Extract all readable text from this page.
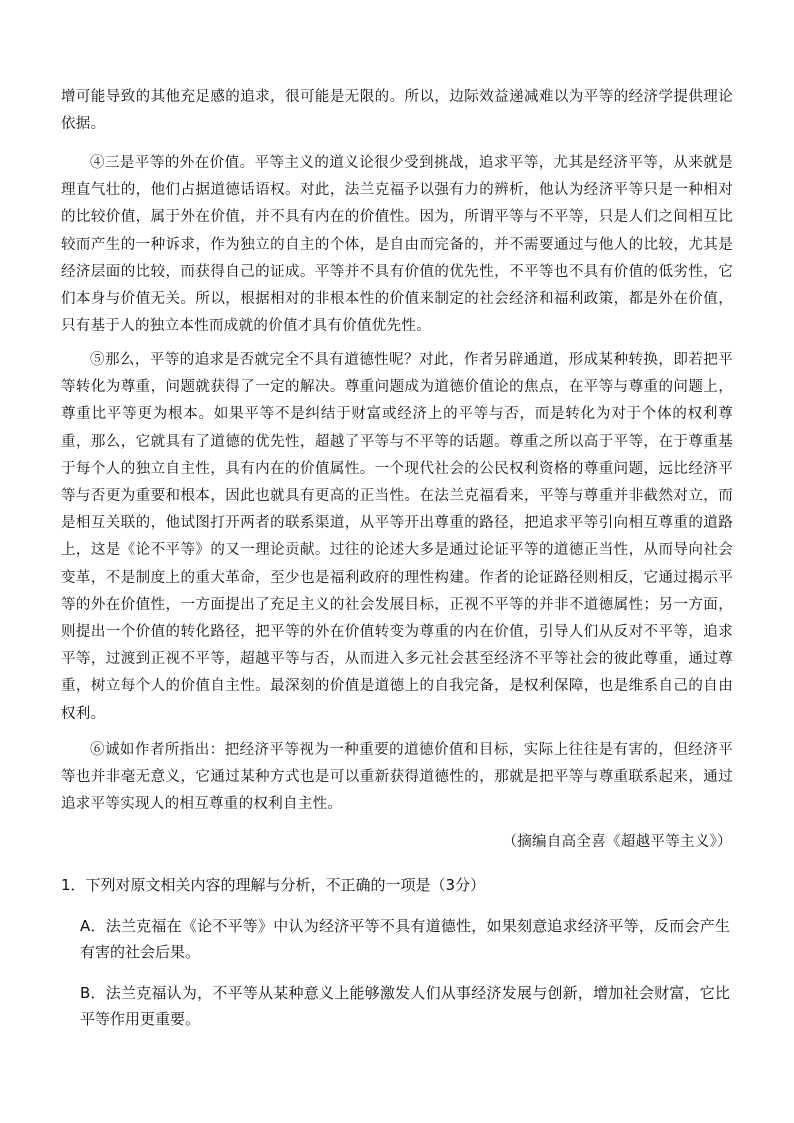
增可能导致的其他充足感的追求，很可能是无限的。所以，边际效益递减难以为平等的经济学提供理论依据。

④三是平等的外在价值。平等主义的道义论很少受到挑战，追求平等，尤其是经济平等，从来就是理直气壮的，他们占据道德话语权。对此，法兰克福予以强有力的辨析，他认为经济平等只是一种相对的比较价值，属于外在价值，并不具有内在的价值性。因为，所谓平等与不平等，只是人们之间相互比较而产生的一种诉求，作为独立的自主的个体，是自由而完备的，并不需要通过与他人的比较，尤其是经济层面的比较，而获得自己的证成。平等并不具有价值的优先性，不平等也不具有价值的低劣性，它们本身与价值无关。所以，根据相对的非根本性的价值来制定的社会经济和福利政策，都是外在价值，只有基于人的独立本性而成就的价值才具有价值优先性。

⑤那么，平等的追求是否就完全不具有道德性呢？对此，作者另辟通道，形成某种转换，即若把平等转化为尊重，问题就获得了一定的解决。尊重问题成为道德价值论的焦点，在平等与尊重的问题上，尊重比平等更为根本。如果平等不是纠结于财富或经济上的平等与否，而是转化为对于个体的权利尊重，那么，它就具有了道德的优先性，超越了平等与不平等的话题。尊重之所以高于平等，在于尊重基于每个人的独立自主性，具有内在的价值属性。一个现代社会的公民权利资格的尊重问题，远比经济平等与否更为重要和根本，因此也就具有更高的正当性。在法兰克福看来，平等与尊重并非截然对立，而是相互关联的，他试图打开两者的联系渠道，从平等开出尊重的路径，把追求平等引向相互尊重的道路上，这是《论不平等》的又一理论贡献。过往的论述大多是通过论证平等的道德正当性，从而导向社会变革，不是制度上的重大革命，至少也是福利政府的理性构建。作者的论证路径则相反，它通过揭示平等的外在价值性，一方面提出了充足主义的社会发展目标，正视不平等的并非不道德属性；另一方面，则提出一个价值的转化路径，把平等的外在价值转变为尊重的内在价值，引导人们从反对不平等，追求平等，过渡到正视不平等，超越平等与否，从而进入多元社会甚至经济不平等社会的彼此尊重，通过尊重，树立每个人的价值自主性。最深刻的价值是道德上的自我完备，是权利保障，也是维系自己的自由权利。

⑥诚如作者所指出：把经济平等视为一种重要的道德价值和目标，实际上往往是有害的，但经济平等也并非毫无意义，它通过某种方式也是可以重新获得道德性的，那就是把平等与尊重联系起来，通过追求平等实现人的相互尊重的权利自主性。

（摘编自高全喜《超越平等主义》）

1．下列对原文相关内容的理解与分析，不正确的一项是（3分）

A．法兰克福在《论不平等》中认为经济平等不具有道德性，如果刻意追求经济平等，反而会产生有害的社会后果。

B．法兰克福认为，不平等从某种意义上能够激发人们从事经济发展与创新，增加社会财富，它比平等作用更重要。
